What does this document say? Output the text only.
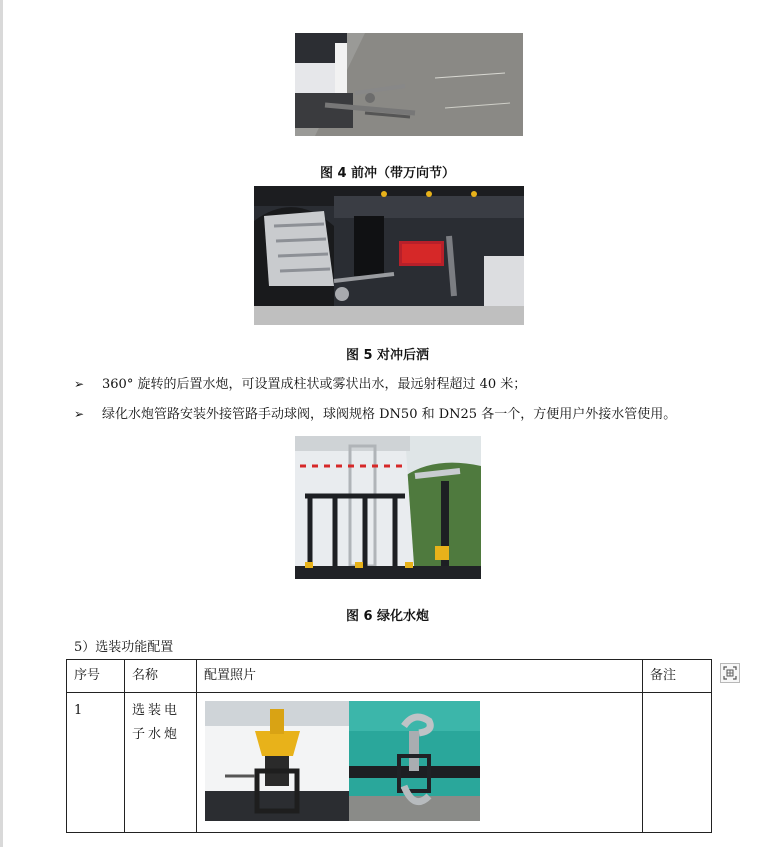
图 4 前冲（带万向节）
图 5 对冲后洒
➢ 360° 旋转的后置水炮，可设置成柱状或雾状出水，最远射程超过 40 米；
➢ 绿化水炮管路安装外接管路手动球阀，球阀规格 DN50 和 DN25 各一个，方便用户外接水管使用。
图 6 绿化水炮
5）选装功能配置
序号	名称	配置照片	备注
1	选装电子水炮	
